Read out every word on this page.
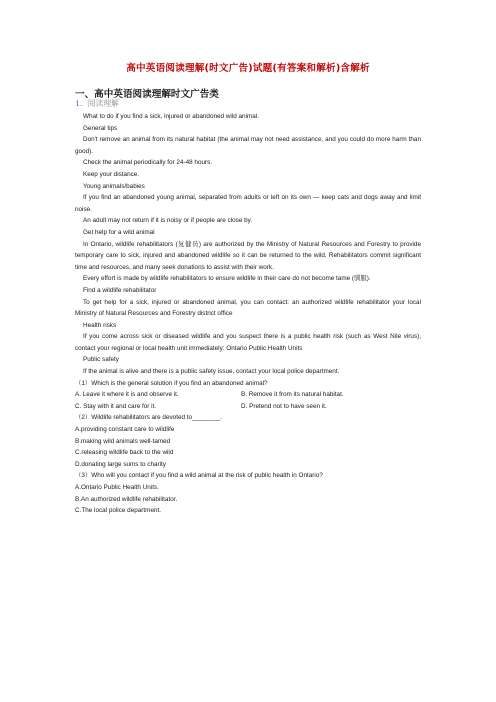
高中英语阅读理解(时文广告)试题(有答案和解析)含解析
一、高中英语阅读理解时文广告类
1．阅读理解

What to do if you find a sick, injured or abandoned wild animal.

General tips

Don't remove an animal from its natural habitat (the animal may not need assistance, and you could do more harm than good).

Check the animal periodically for 24-48 hours.

Keep your distance.

Young animals/babies

If you find an abandoned young animal, separated from adults or left on its own — keep cats and dogs away and limit noise.

An adult may not return if it is noisy or if people are close by.

Get help for a wild animal

In Ontario, wildlife rehabilitators (复健员) are authorized by the Ministry of Natural Resources and Forestry to provide temporary care to sick, injured and abandoned wildlife so it can be returned to the wild. Rehabilitators commit significant time and resources, and many seek donations to assist with their work.

Every effort is made by wildlife rehabilitators to ensure wildlife in their care do not become tame (驯服).

Find a wildlife rehabilitator

To get help for a sick, injured or abandoned animal, you can contact: an authorized wildlife rehabilitator your local Ministry of Natural Resources and Forestry district office

Health risks

If you come across sick or diseased wildlife and you suspect there is a public health risk (such as West Nile virus), contact your regional or local health unit immediately: Ontario Public Health Units

Public safety

If the animal is alive and there is a public safety issue, contact your local police department.

（1）Which is the general solution if you find an abandoned animal?

A. Leave it where it is and observe it.	B. Remove it from its natural habitat.
C. Stay with it and care for it.	D. Pretend not to have seen it.

（2）Wildlife rehabilitators are devoted to________.

A.providing constant care to wildlife

B.making wild animals well-tamed

C.releasing wildlife back to the wild

D.donating large sums to charity

（3）Who will you contact if you find a wild animal at the risk of public health in Ontario?

A.Ontario Public Health Units.

B.An authorized wildlife rehabilitator.

C.The local police department.
